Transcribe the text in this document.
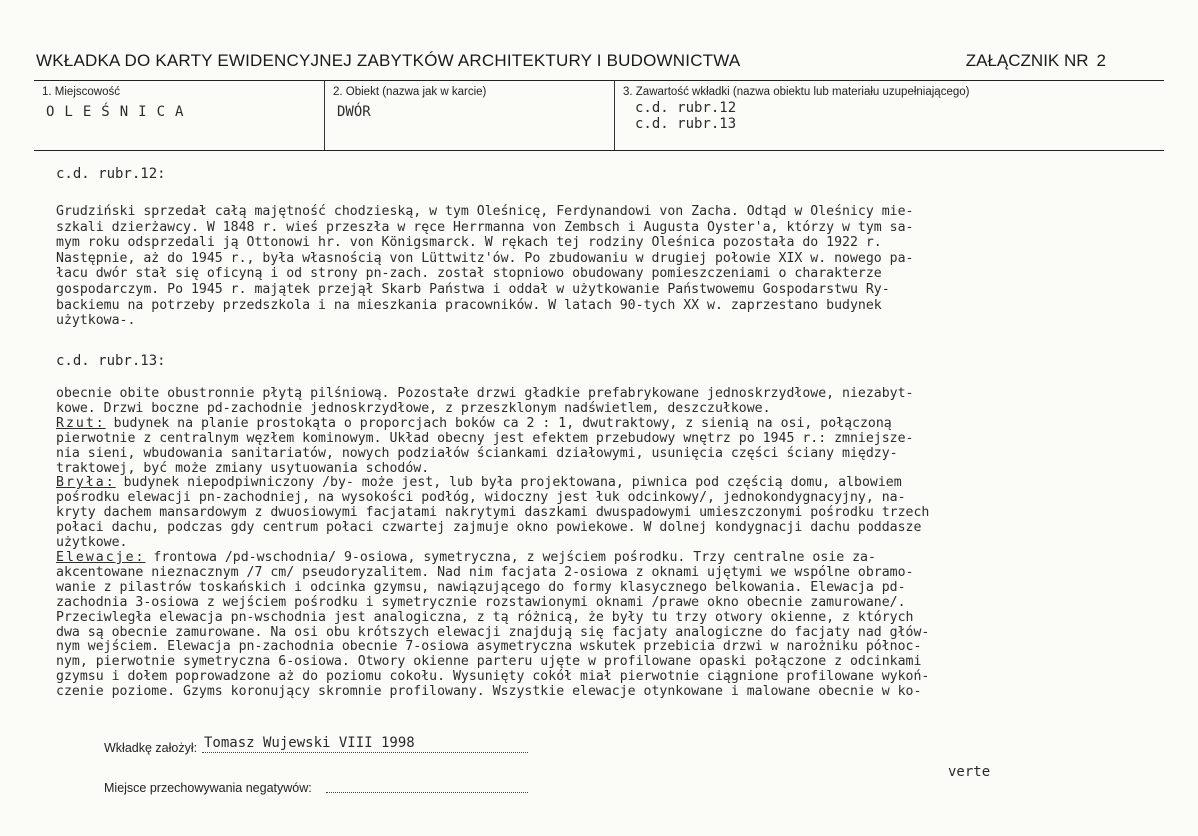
WKŁADKA DO KARTY EWIDENCYJNEJ ZABYTKÓW ARCHITEKTURY I BUDOWNICTWA	ZAŁĄCZNIK NR 2
1. Miejscowość
OLEŚNICA
2. Obiekt (nazwa jak w karcie)
DWÓR
3. Zawartość wkładki (nazwa obiektu lub materiału uzupełniającego)
c.d. rubr.12
c.d. rubr.13
c.d. rubr.12:
Grudziński sprzedał całą majętność chodzieską, w tym Oleśnicę, Ferdynandowi von Zacha. Odtąd w Oleśnicy mie-
szkali dzierżawcy. W 1848 r. wieś przeszła w ręce Herrmanna von Zembsch i Augusta Oyster'a, którzy w tym sa-
mym roku odsprzedali ją Ottonowi hr. von Königsmarck. W rękach tej rodziny Oleśnica pozostała do 1922 r.
Następnie, aż do 1945 r., była własnością von Lüttwitz'ów. Po zbudowaniu w drugiej połowie XIX w. nowego pa-
łacu dwór stał się oficyną i od strony pn-zach. został stopniowo obudowany pomieszczeniami o charakterze
gospodarczym. Po 1945 r. majątek przejął Skarb Państwa i oddał w użytkowanie Państwowemu Gospodarstwu Ry-
backiemu na potrzeby przedszkola i na mieszkania pracowników. W latach 90-tych XX w. zaprzestano budynek
użytkowa-.
c.d. rubr.13:
obecnie obite obustronnie płytą pilśniową. Pozostałe drzwi gładkie prefabrykowane jednoskrzydłowe, niezabyt-
kowe. Drzwi boczne pd-zachodnie jednoskrzydłowe, z przeszklonym nadświetlem, deszczułkowe.
Rzut: budynek na planie prostokąta o proporcjach boków ca 2 : 1, dwutraktowy, z sienią na osi, połączoną
pierwotnie z centralnym węzłem kominowym. Układ obecny jest efektem przebudowy wnętrz po 1945 r.: zmniejsze-
nia sieni, wbudowania sanitariatów, nowych podziałów ściankami działowymi, usunięcia części ściany między-
traktowej, być może zmiany usytuowania schodów.
Bryła: budynek niepodpiwniczony /by- może jest, lub była projektowana, piwnica pod częścią domu, albowiem
pośrodku elewacji pn-zachodniej, na wysokości podłóg, widoczny jest łuk odcinkowy/, jednokondygnacyjny, na-
kryty dachem mansardowym z dwuosiowymi facjatami nakrytymi daszkami dwuspadowymi umieszczonymi pośrodku trzech
połaci dachu, podczas gdy centrum połaci czwartej zajmuje okno powiekowe. W dolnej kondygnacji dachu poddasze
użytkowe.
Elewacje: frontowa /pd-wschodnia/ 9-osiowa, symetryczna, z wejściem pośrodku. Trzy centralne osie za-
akcentowane nieznacznym /7 cm/ pseudoryzalitem. Nad nim facjata 2-osiowa z oknami ujętymi we wspólne obramo-
wanie z pilastrów toskańskich i odcinka gzymsu, nawiązującego do formy klasycznego belkowania. Elewacja pd-
zachodnia 3-osiowa z wejściem pośrodku i symetrycznie rozstawionymi oknami /prawe okno obecnie zamurowane/.
Przeciwległa elewacja pn-wschodnia jest analogiczna, z tą różnicą, że były tu trzy otwory okienne, z których
dwa są obecnie zamurowane. Na osi obu krótszych elewacji znajdują się facjaty analogiczne do facjaty nad głów-
nym wejściem. Elewacja pn-zachodnia obecnie 7-osiowa asymetryczna wskutek przebicia drzwi w narożniku północ-
nym, pierwotnie symetryczna 6-osiowa. Otwory okienne parteru ujęte w profilowane opaski połączone z odcinkami
gzymsu i dołem poprowadzone aż do poziomu cokołu. Wysunięty cokół miał pierwotnie ciągnione profilowane wykoń-
czenie poziome. Gzyms koronujący skromnie profilowany. Wszystkie elewacje otynkowane i malowane obecnie w ko-
Wkładkę założył: Tomasz Wujewski VIII 1998
verte
Miejsce przechowywania negatywów:
